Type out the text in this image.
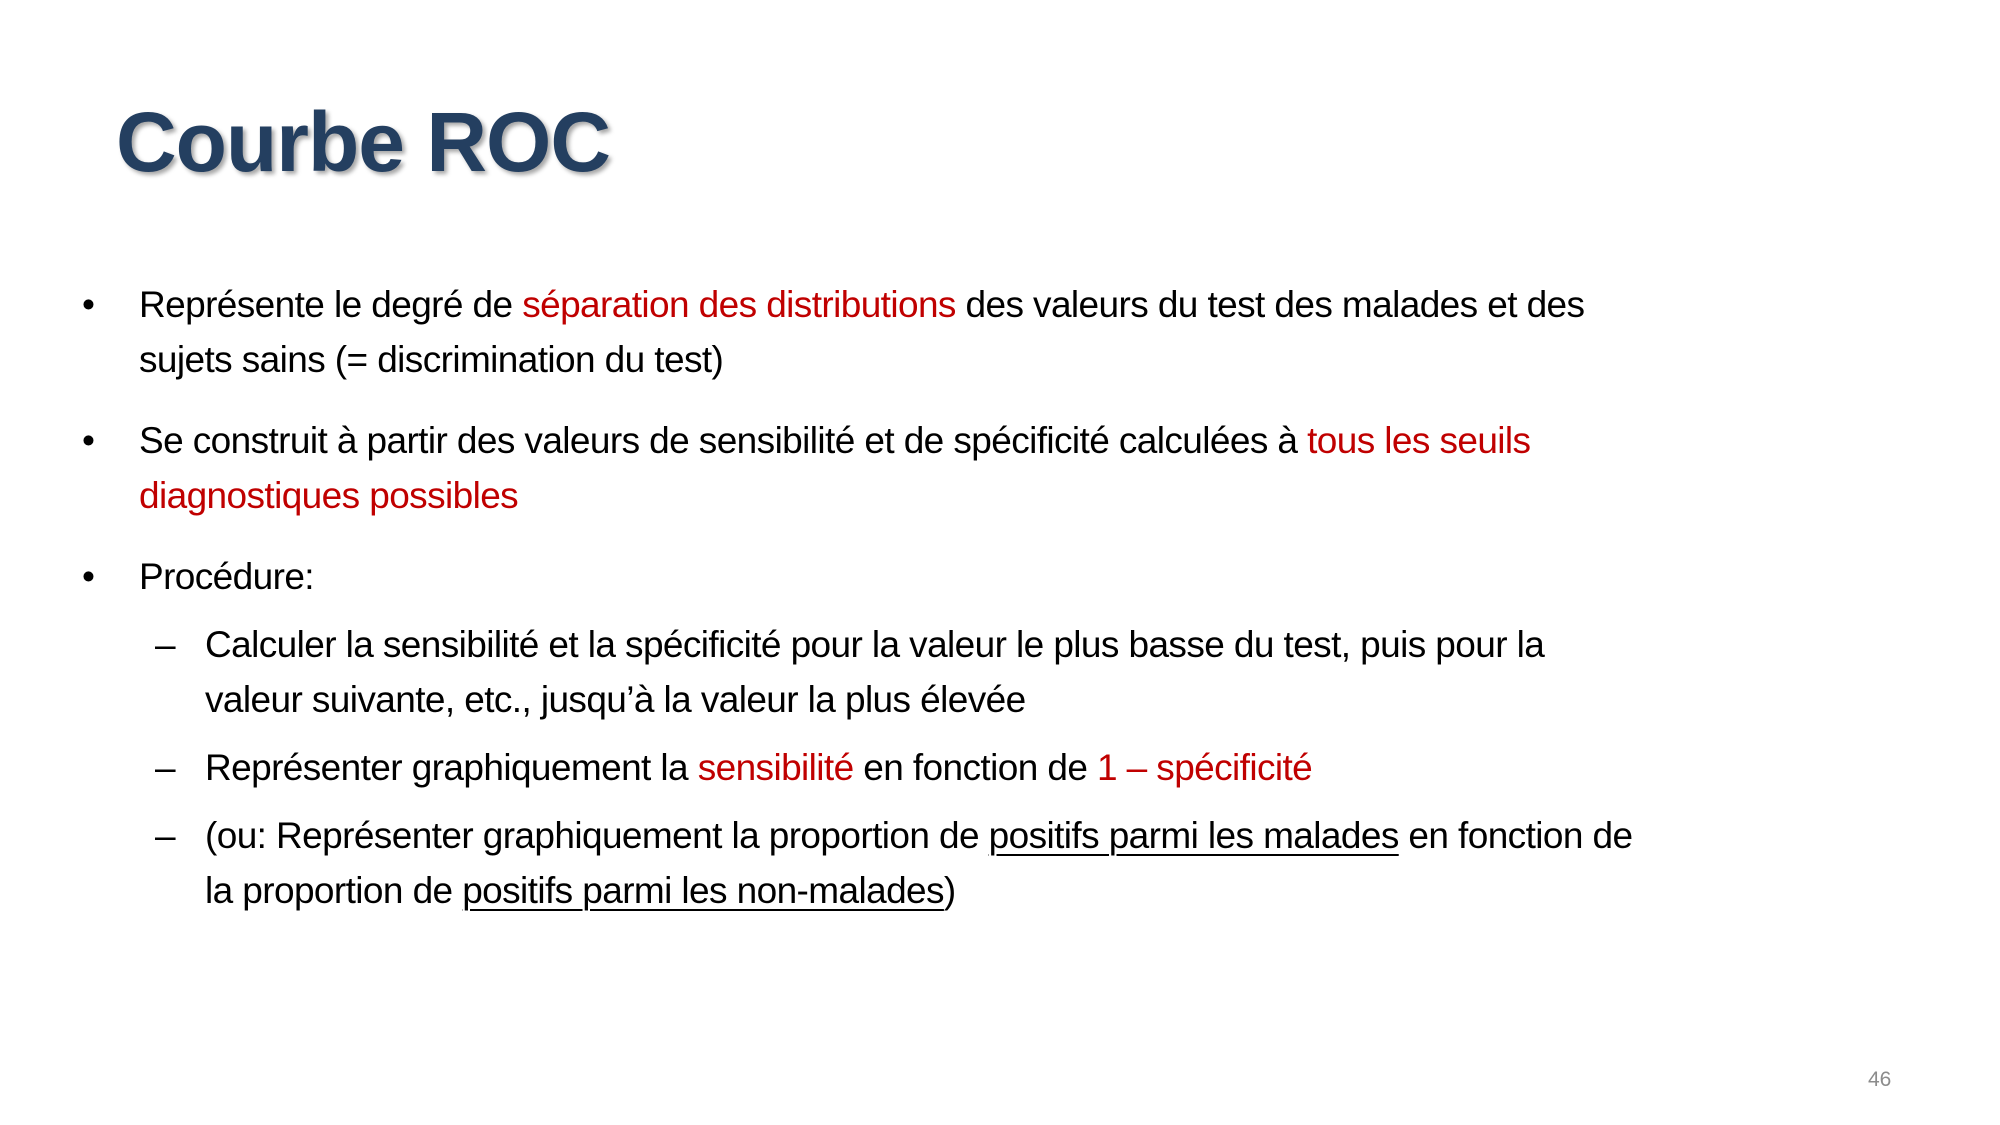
Courbe ROC
• Représente le degré de séparation des distributions des valeurs du test des malades et des
sujets sains (= discrimination du test)
• Se construit à partir des valeurs de sensibilité et de spécificité calculées à tous les seuils
diagnostiques possibles
• Procédure:
– Calculer la sensibilité et la spécificité pour la valeur le plus basse du test, puis pour la
valeur suivante, etc., jusqu’à la valeur la plus élevée
– Représenter graphiquement la sensibilité en fonction de 1 – spécificité
– (ou: Représenter graphiquement la proportion de positifs parmi les malades en fonction de
la proportion de positifs parmi les non-malades)
46
